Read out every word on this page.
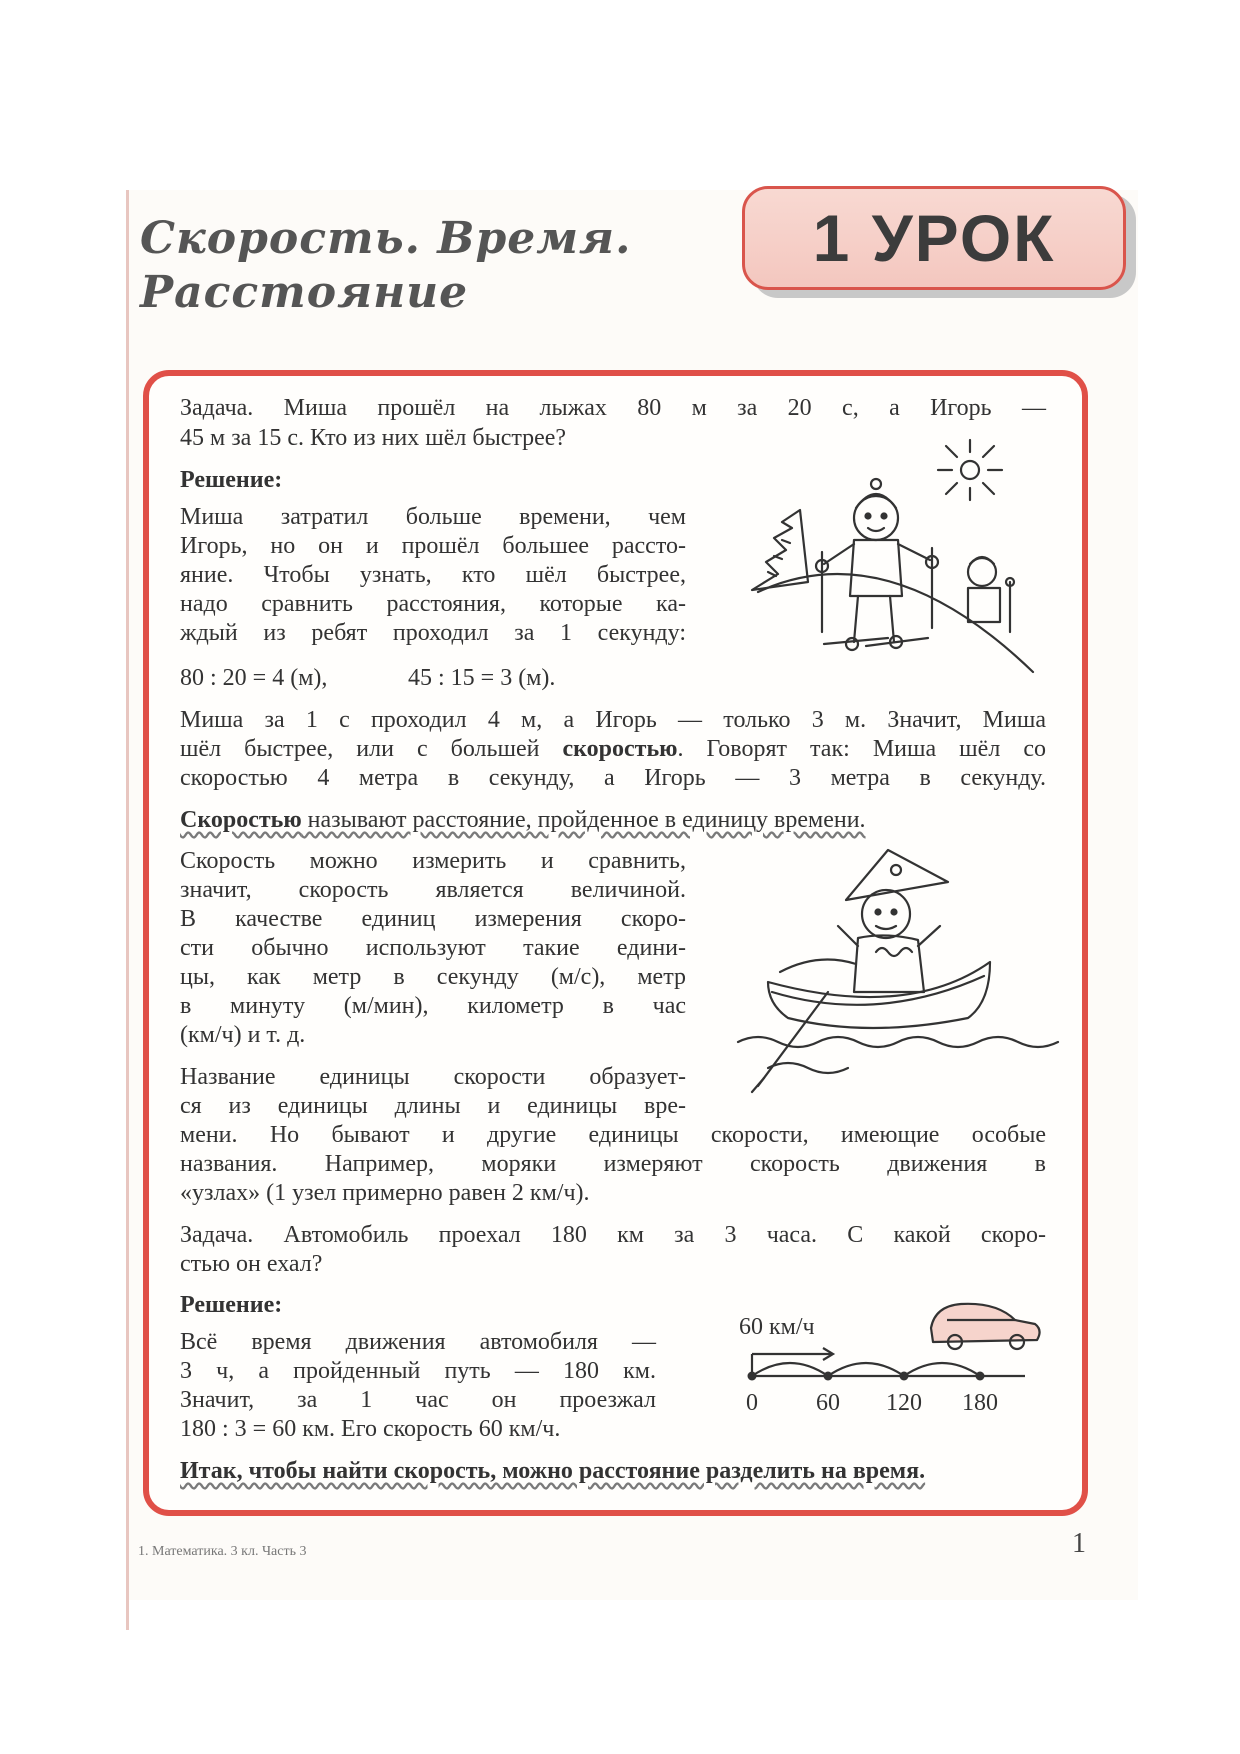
Скорость. Время.
Расстояние
1 УРОК

Задача. Миша прошёл на лыжах 80 м за 20 с, а Игорь —

45 м за 15 с. Кто из них шёл быстрее?

Решение:

Миша затратил больше времени, чем

Игорь, но он и прошёл большее рассто-

яние. Чтобы узнать, кто шёл быстрее,

надо сравнить расстояния, которые ка-

ждый из ребят проходил за 1 секунду:

80 : 20 = 4 (м),	45 : 15 = 3 (м).

Миша за 1 с проходил 4 м, а Игорь — только 3 м. Значит, Миша

шёл быстрее, или с большей скоростью. Говорят так: Миша шёл со

скоростью 4 метра в секунду, а Игорь — 3 метра в секунду.

Скоростью называют расстояние, пройденное в единицу времени.

Скорость можно измерить и сравнить,

значит, скорость является величиной.

В качестве единиц измерения скоро-

сти обычно используют такие едини-

цы, как метр в секунду (м/с), метр

в минуту (м/мин), километр в час

(км/ч) и т. д.

Название единицы скорости образует-

ся из единицы длины и единицы вре-

мени. Но бывают и другие единицы скорости, имеющие особые

названия. Например, моряки измеряют скорость движения в

«узлах» (1 узел примерно равен 2 км/ч).

Задача. Автомобиль проехал 180 км за 3 часа. С какой скоро-

стью он ехал?

Решение:

Всё время движения автомобиля —

3 ч, а пройденный путь — 180 км.

Значит, за 1 час он проезжал

180 : 3 = 60 км. Его скорость 60 км/ч.

Итак, чтобы найти скорость, можно расстояние разделить на время.

60 км/ч
0 60 120 180
1. Математика. 3 кл. Часть 3	1
